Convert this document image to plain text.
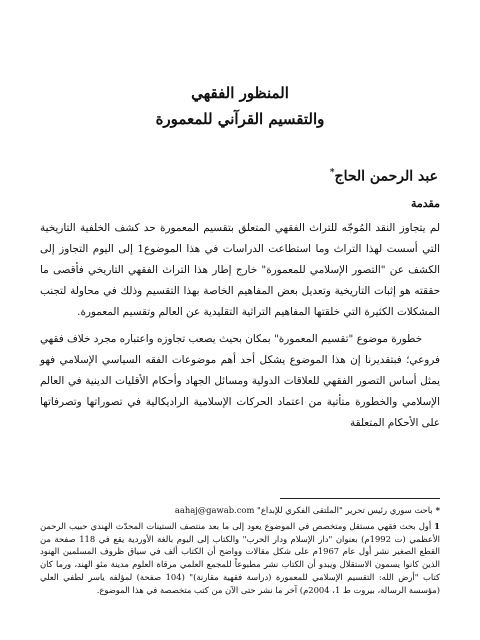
المنظور الفقهي
والتقسيم القرآني للمعمورة
عبد الرحمن الحاج*
مقدمة

لم يتجاوز النقد المُوجّه للتراث الفقهي المتعلق بتقسيم المعمورة حد كشف الخلفية التاريخية التي أسست لهذا التراث وما استطاعت الدراسات في هذا الموضوع1 إلى اليوم التجاوز إلى الكشف عن "التصور الإسلامي للمعمورة" خارج إطار هذا التراث الفقهي التاريخي فأقصى ما حققته هو إثبات التاريخية وتعديل بعض المفاهيم الخاصة بهذا التقسيم وذلك في محاولة لتجنب المشكلات الكثيرة التي خلقتها المفاهيم التراثية التقليدية عن العالم وتقسيم المعمورة.

خطورة موضوع "تقسيم المعمورة" بمكان بحيث يصعب تجاوزه واعتباره مجرد خلاف فقهي فروعي؛ فبتقديرنا إن هذا الموضوع يشكل أحد أهم موضوعات الفقه السياسي الإسلامي فهو يمثل أساس التصور الفقهي للعلاقات الدولية ومسائل الجهاد وأحكام الأقليات الدينية في العالم الإسلامي والخطورة متأتية من اعتماد الحركات الإسلامية الراديكالية في تصوراتها وتصرفاتها على الأحكام المتعلقة

*باحث سوري رئيس تحرير "الملتقى الفكري للإبداع" aahaj@gawab.com

1أول بحث فقهي مستقل ومتخصص في الموضوع يعود إلى ما بعد منتصف الستينات المحدّث الهندي حبيب الرحمن الأعظمي (ت 1992م) بعنوان "دار الإسلام ودار الحرب" والكتاب إلى اليوم بالغة الأوردية يقع في 118 صفحة من القطع الصغير نشر أول عام 1967م على شكل مقالات وواضح أن الكتاب ألف في سياق ظروف المسلمين الهنود الذين كانوا يسمون الاستقلال ويبدو أن الكتاب نشر مطبوعاً للمجمع العلمي مرقاة العلوم مدينة مئو الهند، ورما كان كتاب "أرض الله: التقسيم الإسلامي للمعمورة (دراسة فقهية مقارنة)" (104 صفحة) لمؤلفه ياسر لطفي العلي (مؤسسة الرسالة، بيروت ط 1، 2004م) آخر ما نشر حتى الآن من كتب متخصصة في هذا الموضوع.
